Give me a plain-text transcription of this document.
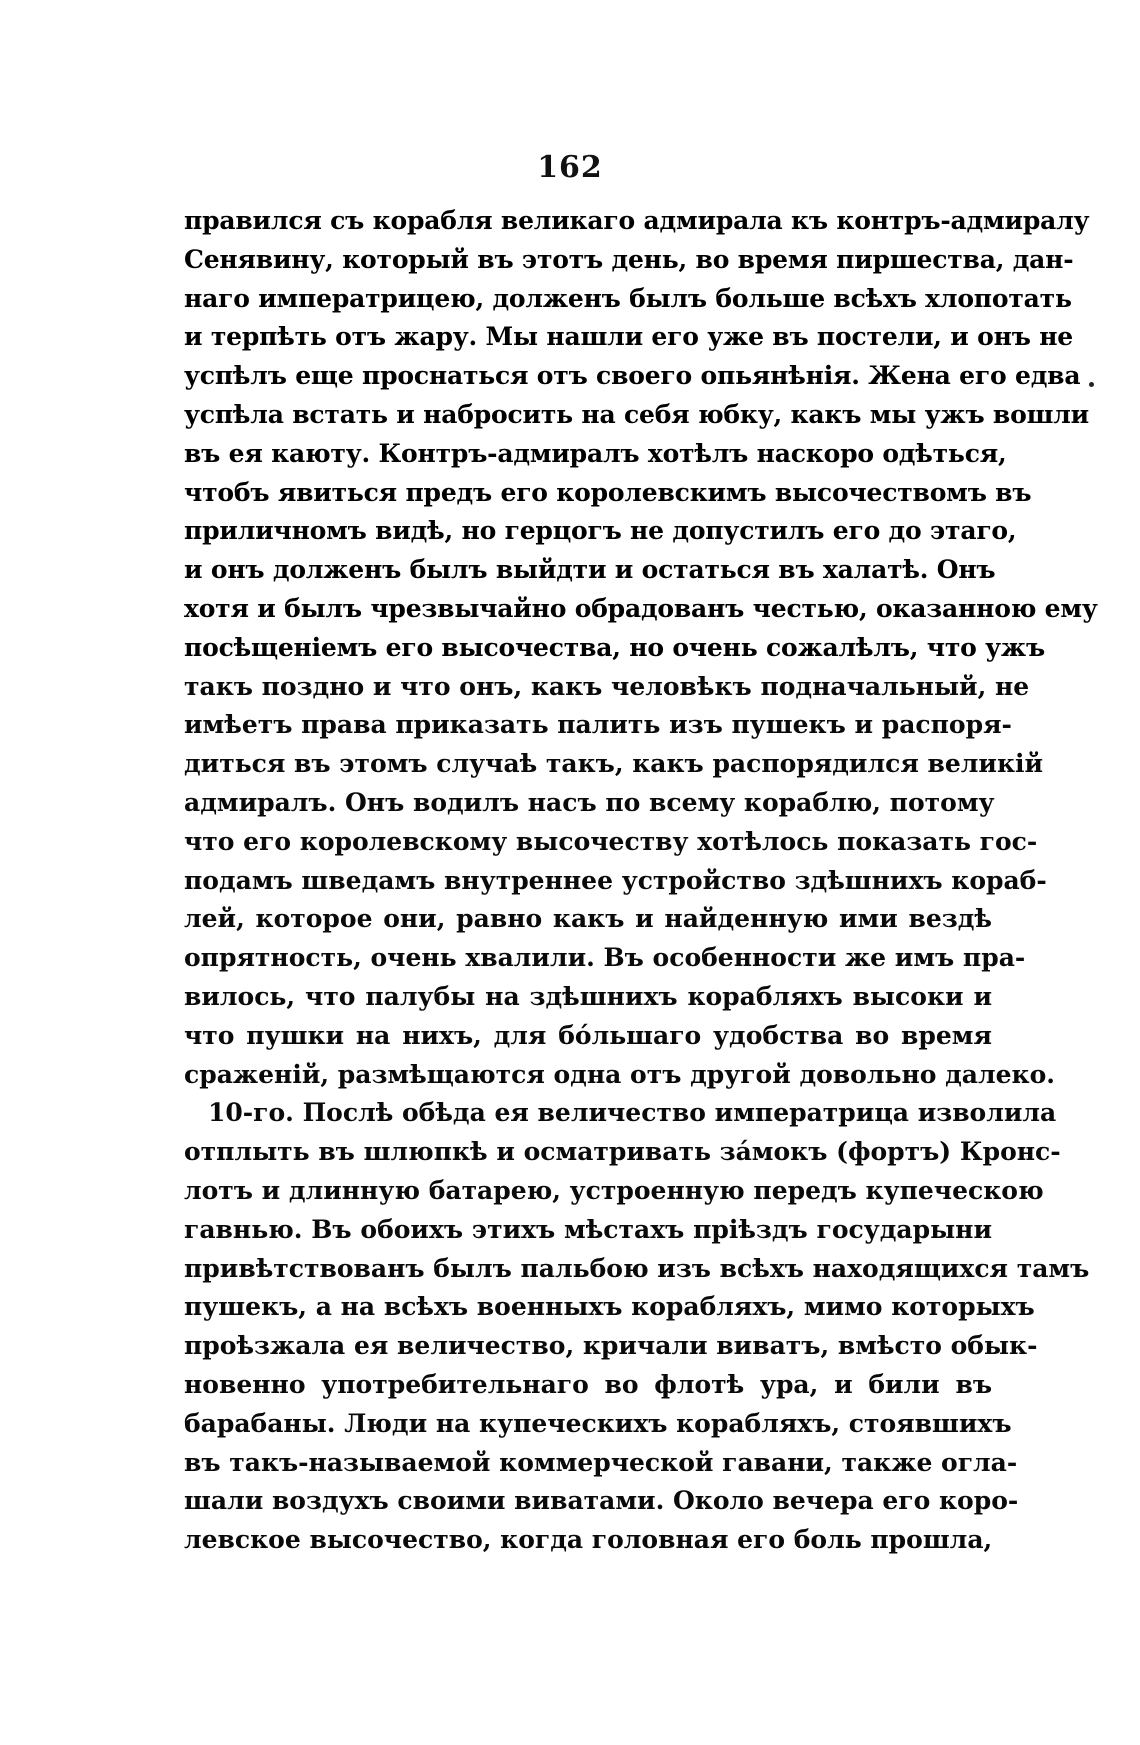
162
правился съ корабля великаго адмирала къ контръ-адмиралу
Сенявину, который въ этотъ день, во время пиршества, дан-
наго императрицею, долженъ былъ больше всѣхъ хлопотать
и терпѣть отъ жару. Мы нашли его уже въ постели, и онъ не
успѣлъ еще проснаться отъ своего опьянѣнія. Жена его едва
успѣла встать и набросить на себя юбку, какъ мы ужъ вошли
въ ея каюту. Контръ-адмиралъ хотѣлъ наскоро одѣться,
чтобъ явиться предъ его королевскимъ высочествомъ въ
приличномъ видѣ, но герцогъ не допустилъ его до этаго,
и онъ долженъ былъ выйдти и остаться въ халатѣ. Онъ
хотя и былъ чрезвычайно обрадованъ честью, оказанною ему
посѣщеніемъ его высочества, но очень сожалѣлъ, что ужъ
такъ поздно и что онъ, какъ человѣкъ подначальный, не
имѣетъ права приказать палить изъ пушекъ и распоря-
диться въ этомъ случаѣ такъ, какъ распорядился великій
адмиралъ. Онъ водилъ насъ по всему кораблю, потому
что его королевскому высочеству хотѣлось показать гос-
подамъ шведамъ внутреннее устройство здѣшнихъ кораб-
лей, которое они, равно какъ и найденную ими вездѣ
опрятность, очень хвалили. Въ особенности же имъ пра-
вилось, что палубы на здѣшнихъ корабляхъ высоки и
что пушки на нихъ, для бóльшаго удобства во время
сраженій, размѣщаются одна отъ другой довольно далеко.
10-го. Послѣ обѣда ея величество императрица изволила
отплыть въ шлюпкѣ и осматривать зáмокъ (фортъ) Кронс-
лотъ и длинную батарею, устроенную передъ купеческою
гавнью. Въ обоихъ этихъ мѣстахъ пріѣздъ государыни
привѣтствованъ былъ пальбою изъ всѣхъ находящихся тамъ
пушекъ, а на всѣхъ военныхъ корабляхъ, мимо которыхъ
проѣзжала ея величество, кричали виватъ, вмѣсто обык-
новенно употребительнаго во флотѣ ура, и били въ
барабаны. Люди на купеческихъ корабляхъ, стоявшихъ
въ такъ-называемой коммерческой гавани, также огла-
шали воздухъ своими виватами. Около вечера его коро-
левское высочество, когда головная его боль прошла,
